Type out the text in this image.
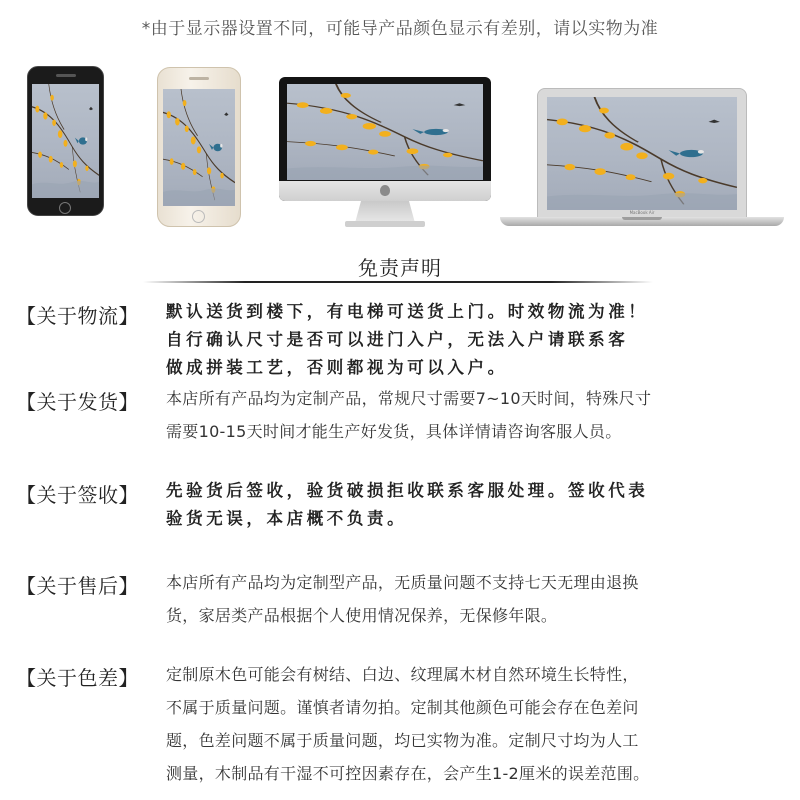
*由于显示器设置不同，可能导产品颜色显示有差别，请以实物为准
MacBook Air
免责声明
【关于物流】 默认送货到楼下，有电梯可送货上门。时效物流为准！
自行确认尺寸是否可以进门入户，无法入户请联系客
做成拼装工艺，否则都视为可以入户。
【关于发货】 本店所有产品均为定制产品，常规尺寸需要7~10天时间，特殊尺寸
需要10-15天时间才能生产好发货，具体详情请咨询客服人员。
【关于签收】 先验货后签收，验货破损拒收联系客服处理。签收代表
验货无误，本店概不负责。
【关于售后】 本店所有产品均为定制型产品，无质量问题不支持七天无理由退换
货，家居类产品根据个人使用情况保养，无保修年限。
【关于色差】 定制原木色可能会有树结、白边、纹理属木材自然环境生长特性，
不属于质量问题。谨慎者请勿拍。定制其他颜色可能会存在色差问
题，色差问题不属于质量问题，均已实物为准。定制尺寸均为人工
测量，木制品有干湿不可控因素存在，会产生1-2厘米的误差范围。
